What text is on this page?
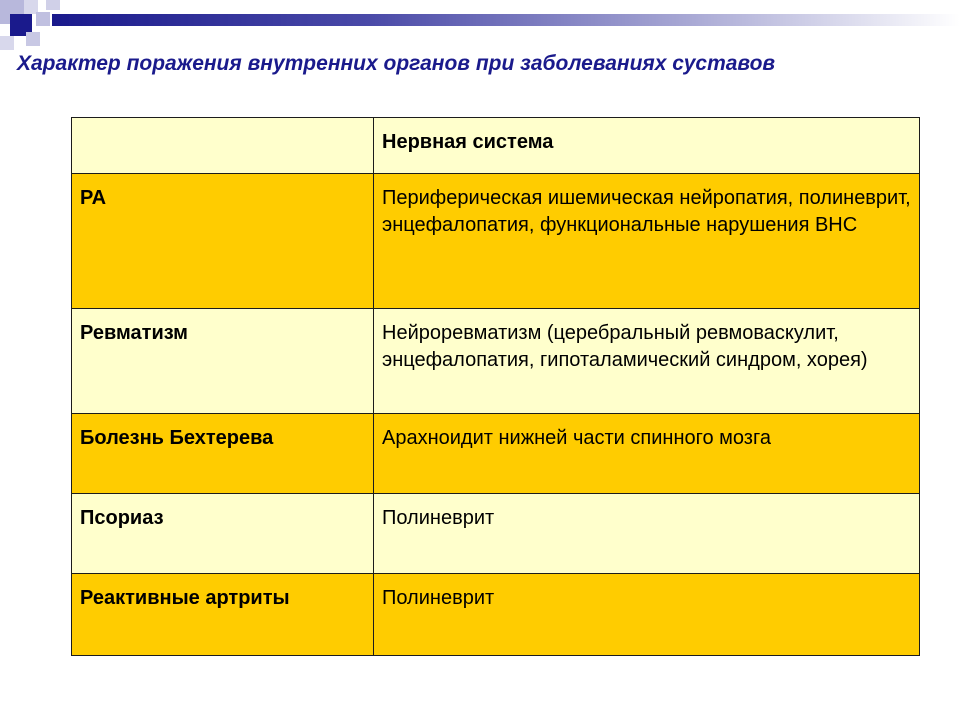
Характер поражения внутренних органов при заболеваниях суставов
	Нервная система
РА	Периферическая ишемическая нейропатия, полиневрит, энцефалопатия, функциональные нарушения ВНС
Ревматизм	Нейроревматизм (церебральный ревмоваскулит, энцефалопатия, гипоталамический синдром, хорея)
Болезнь Бехтерева	Арахноидит нижней части спинного мозга
Псориаз	Полиневрит
Реактивные артриты	Полиневрит
